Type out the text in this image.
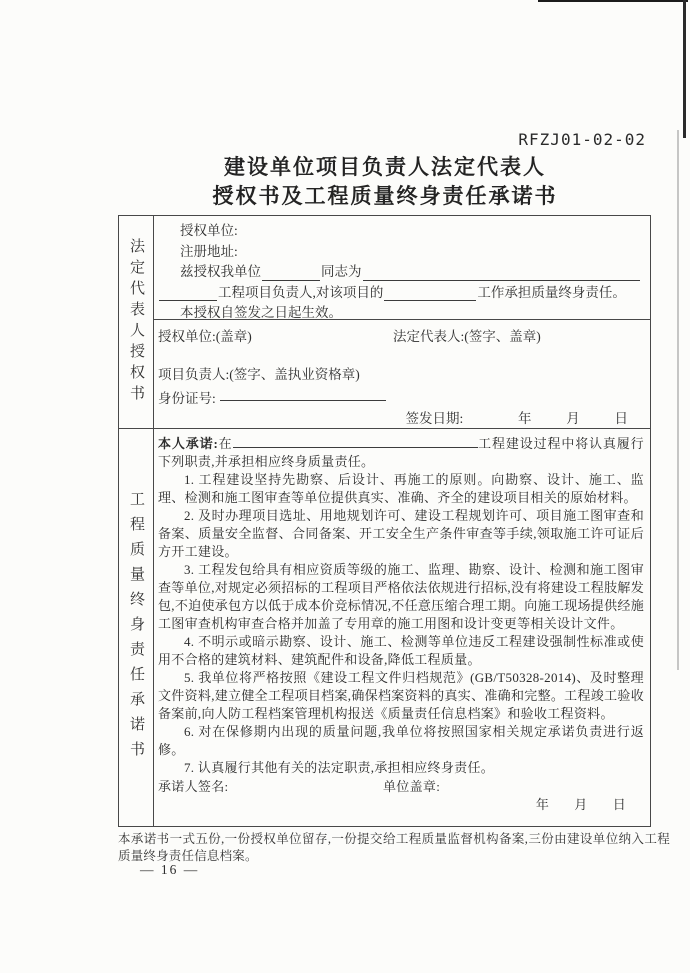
RFZJ01-02-02
建设单位项目负责人法定代表人
授权书及工程质量终身责任承诺书
法定代表人授权书
授权单位:
注册地址:
兹授权我单位	同志为
工程项目负责人,对该项目的	工作承担质量终身责任。
本授权自签发之日起生效。
授权单位:(盖章)	法定代表人:(签字、盖章)
项目负责人:(签字、盖执业资格章)
身份证号:
签发日期:	年	月	日
工程质量终身责任承诺书

本人承诺:在	工程建设过程中将认真履行下列职责,并承担相应终身质量责任。

1. 工程建设坚持先勘察、后设计、再施工的原则。向勘察、设计、施工、监理、检测和施工图审查等单位提供真实、准确、齐全的建设项目相关的原始材料。

2. 及时办理项目选址、用地规划许可、建设工程规划许可、项目施工图审查和备案、质量安全监督、合同备案、开工安全生产条件审查等手续,领取施工许可证后方开工建设。

3. 工程发包给具有相应资质等级的施工、监理、勘察、设计、检测和施工图审查等单位,对规定必须招标的工程项目严格依法依规进行招标,没有将建设工程肢解发包,不迫使承包方以低于成本价竞标情况,不任意压缩合理工期。向施工现场提供经施工图审查机构审查合格并加盖了专用章的施工用图和设计变更等相关设计文件。

4. 不明示或暗示勘察、设计、施工、检测等单位违反工程建设强制性标准或使用不合格的建筑材料、建筑配件和设备,降低工程质量。

5. 我单位将严格按照《建设工程文件归档规范》(GB/T50328-2014)、及时整理文件资料,建立健全工程项目档案,确保档案资料的真实、准确和完整。工程竣工验收备案前,向人防工程档案管理机构报送《质量责任信息档案》和验收工程资料。

6. 对在保修期内出现的质量问题,我单位将按照国家相关规定承诺负责进行返修。

7. 认真履行其他有关的法定职责,承担相应终身责任。

承诺人签名:	单位盖章:
年 月 日
本承诺书一式五份,一份授权单位留存,一份提交给工程质量监督机构备案,三份由建设单位纳入工程质量终身责任信息档案。
— 16 —
